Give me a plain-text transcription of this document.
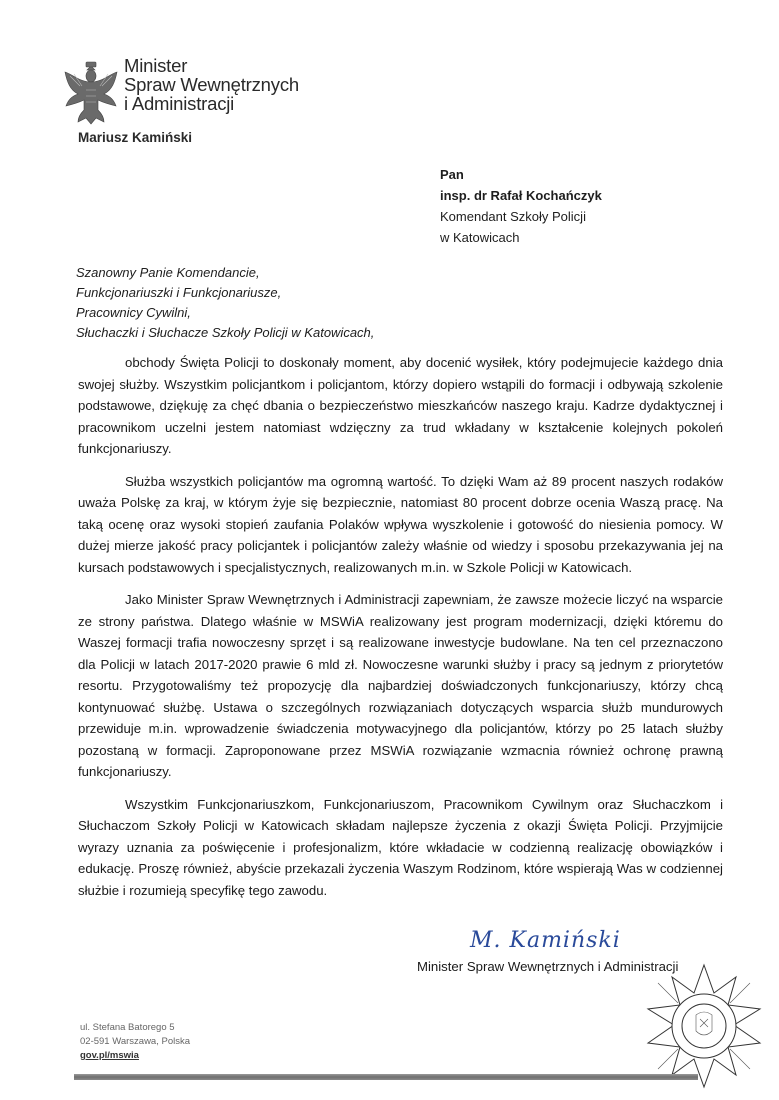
Minister
Spraw Wewnętrznych
i Administracji
Mariusz Kamiński
Pan
insp. dr Rafał Kochańczyk
Komendant Szkoły Policji
w Katowicach
Szanowny Panie Komendancie,
Funkcjonariuszki i Funkcjonariusze,
Pracownicy Cywilni,
Słuchaczki i Słuchacze Szkoły Policji w Katowicach,

obchody Święta Policji to doskonały moment, aby docenić wysiłek, który podejmujecie każdego dnia swojej służby. Wszystkim policjantkom i policjantom, którzy dopiero wstąpili do formacji i odbywają szkolenie podstawowe, dziękuję za chęć dbania o bezpieczeństwo mieszkańców naszego kraju. Kadrze dydaktycznej i pracownikom uczelni jestem natomiast wdzięczny za trud wkładany w kształcenie kolejnych pokoleń funkcjonariuszy.

Służba wszystkich policjantów ma ogromną wartość. To dzięki Wam aż 89 procent naszych rodaków uważa Polskę za kraj, w którym żyje się bezpiecznie, natomiast 80 procent dobrze ocenia Waszą pracę. Na taką ocenę oraz wysoki stopień zaufania Polaków wpływa wyszkolenie i gotowość do niesienia pomocy. W dużej mierze jakość pracy policjantek i policjantów zależy właśnie od wiedzy i sposobu przekazywania jej na kursach podstawowych i specjalistycznych, realizowanych m.in. w Szkole Policji w Katowicach.

Jako Minister Spraw Wewnętrznych i Administracji zapewniam, że zawsze możecie liczyć na wsparcie ze strony państwa. Dlatego właśnie w MSWiA realizowany jest program modernizacji, dzięki któremu do Waszej formacji trafia nowoczesny sprzęt i są realizowane inwestycje budowlane. Na ten cel przeznaczono dla Policji w latach 2017-2020 prawie 6 mld zł. Nowoczesne warunki służby i pracy są jednym z priorytetów resortu. Przygotowaliśmy też propozycję dla najbardziej doświadczonych funkcjonariuszy, którzy chcą kontynuować służbę. Ustawa o szczególnych rozwiązaniach dotyczących wsparcia służb mundurowych przewiduje m.in. wprowadzenie świadczenia motywacyjnego dla policjantów, którzy po 25 latach służby pozostaną w formacji. Zaproponowane przez MSWiA rozwiązanie wzmacnia również ochronę prawną funkcjonariuszy.

Wszystkim Funkcjonariuszkom, Funkcjonariuszom, Pracownikom Cywilnym oraz Słuchaczkom i Słuchaczom Szkoły Policji w Katowicach składam najlepsze życzenia z okazji Święta Policji. Przyjmijcie wyrazy uznania za poświęcenie i profesjonalizm, które wkładacie w codzienną realizację obowiązków i edukację. Proszę również, abyście przekazali życzenia Waszym Rodzinom, które wspierają Was w codziennej służbie i rozumieją specyfikę tego zawodu.

M. Kamiński
Minister Spraw Wewnętrznych i Administracji
ul. Stefana Batorego 5
02-591 Warszawa, Polska
gov.pl/mswia
